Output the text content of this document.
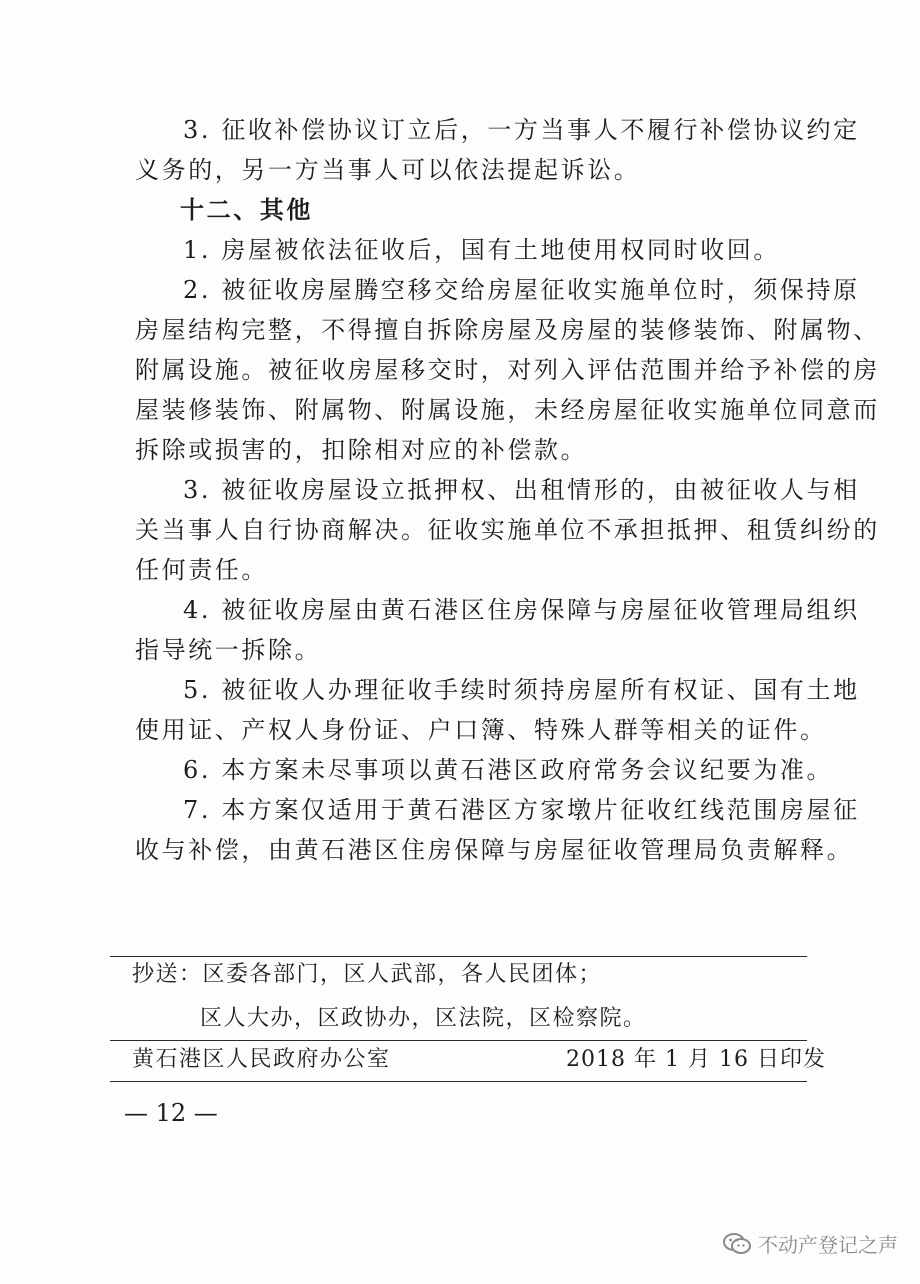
3. 征收补偿协议订立后，一方当事人不履行补偿协议约定
义务的，另一方当事人可以依法提起诉讼。
十二、其他
1. 房屋被依法征收后，国有土地使用权同时收回。
2. 被征收房屋腾空移交给房屋征收实施单位时，须保持原
房屋结构完整，不得擅自拆除房屋及房屋的装修装饰、附属物、
附属设施。被征收房屋移交时，对列入评估范围并给予补偿的房
屋装修装饰、附属物、附属设施，未经房屋征收实施单位同意而
拆除或损害的，扣除相对应的补偿款。
3. 被征收房屋设立抵押权、出租情形的，由被征收人与相
关当事人自行协商解决。征收实施单位不承担抵押、租赁纠纷的
任何责任。
4. 被征收房屋由黄石港区住房保障与房屋征收管理局组织
指导统一拆除。
5. 被征收人办理征收手续时须持房屋所有权证、国有土地
使用证、产权人身份证、户口簿、特殊人群等相关的证件。
6. 本方案未尽事项以黄石港区政府常务会议纪要为准。
7. 本方案仅适用于黄石港区方家墩片征收红线范围房屋征
收与补偿，由黄石港区住房保障与房屋征收管理局负责解释。
抄送：区委各部门，区人武部，各人民团体；
区人大办，区政协办，区法院，区检察院。
黄石港区人民政府办公室	2018 年 1 月 16 日印发
— 12 —
不动产登记之声
